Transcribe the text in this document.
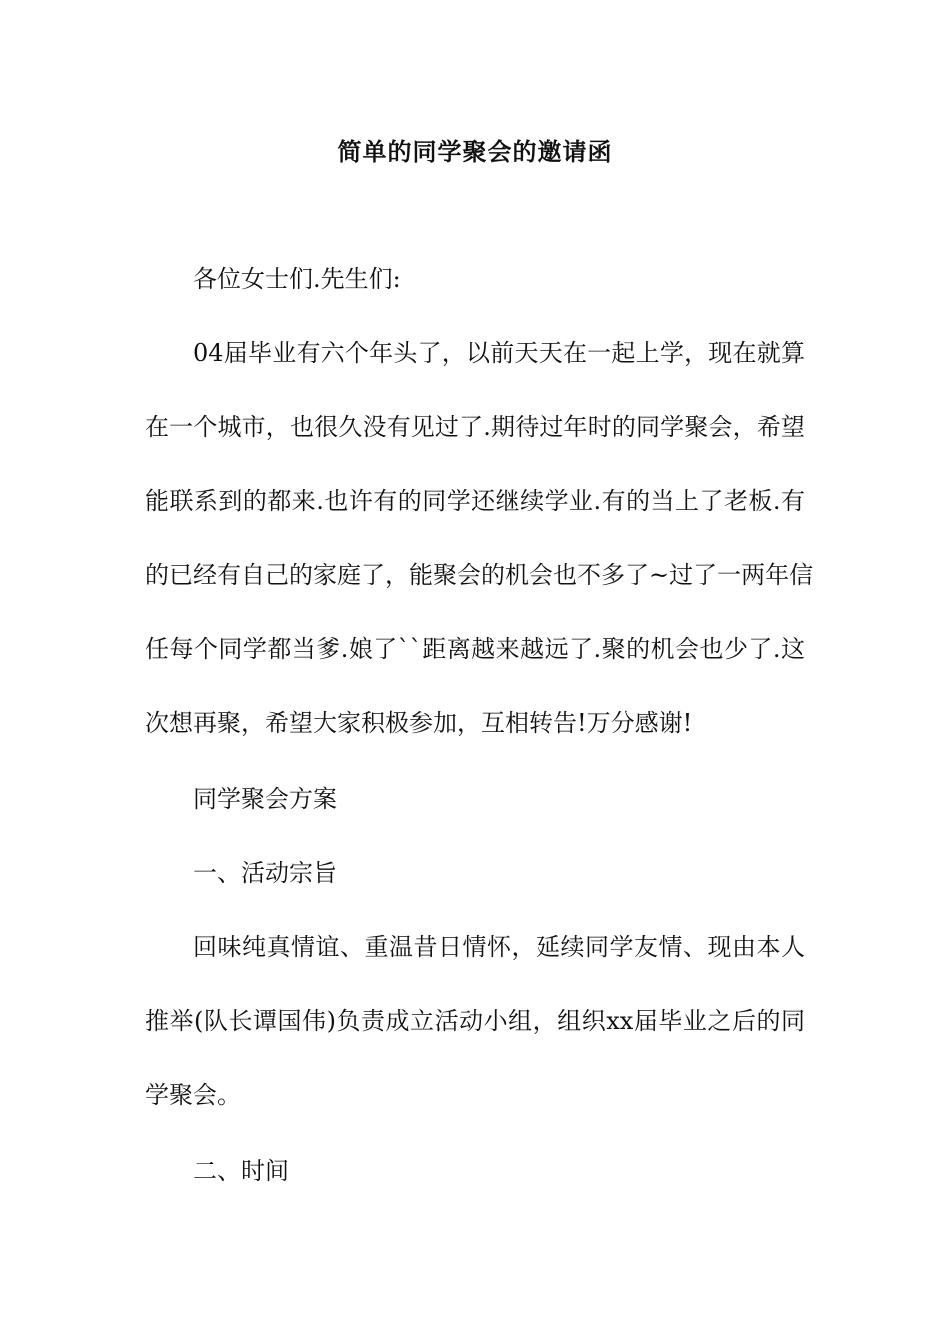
简单的同学聚会的邀请函
各位女士们.先生们:
04届毕业有六个年头了，以前天天在一起上学，现在就算
在一个城市，也很久没有见过了.期待过年时的同学聚会，希望
能联系到的都来.也许有的同学还继续学业.有的当上了老板.有
的已经有自己的家庭了，能聚会的机会也不多了~过了一两年信
任每个同学都当爹.娘了``距离越来越远了.聚的机会也少了.这
次想再聚，希望大家积极参加，互相转告!万分感谢!
同学聚会方案
一、活动宗旨
回味纯真情谊、重温昔日情怀，延续同学友情、现由本人
推举(队长谭国伟)负责成立活动小组，组织xx届毕业之后的同
学聚会。
二、时间
